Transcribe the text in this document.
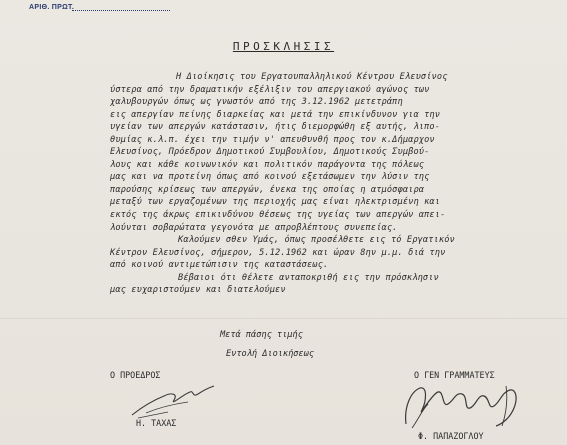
ΑΡΙΘ. ΠΡΩΤ.
ΠΡΟΣΚΛΗΣΙΣ
Η Διοίκησις του Εργατουπαλληλικού Κέντρου Ελευσίνος
ύστερα από την δραματικήν εξέλιξιν του απεργιακού αγώνος των
χαλυβουργών όπως ως γνωστόν από της 3.12.1962 μετετράπη
εις απεργίαν πείνης διαρκείας και μετά την επικίνδυνον για την
υγείαν των απεργών κατάστασιν, ήτις διεμορφώθη εξ αυτής, λιπο-
θυμίας κ.λ.π. έχει την τιμήν ν' απευθυνθή προς τον κ.Δήμαρχον
Ελευσίνος, Πρόεδρον Δημοτικού Συμβουλίου, Δημοτικούς Συμβού-
λους και κάθε κοινωνικόν και πολιτικόν παράγοντα της πόλεως
μας και να προτείνη όπως από κοινού εξετάσωμεν την λύσιν της
παρούσης κρίσεως των απεργών, ένεκα της οποίας η ατμόσφαιρα
μεταξύ των εργαζομένων της περιοχής μας είναι ηλεκτρισμένη και
εκτός της άκρως επικινδύνου θέσεως της υγείας των απεργών απει-
λούνται σοβαρώτατα γεγονότα με απροβλέπτους συνεπείας.
Καλούμεν σθεν Υμάς, όπως προσέλθετε εις τό Εργατικόν
Κέντρον Ελευσίνος, σήμερον, 5.12.1962 και ώραν 8ην μ.μ. διά την
από κοινού αντιμετώπισιν της καταστάσεως.
Βέβαιοι ότι θέλετε ανταποκριθή εις την πρόσκλησιν
μας ευχαριστούμεν και διατελούμεν
Μετά πάσης τιμής
Εντολή Διοικήσεως
Ο ΠΡΟΕΔΡΟΣ
Η. ΤΑΧΑΣ
Ο ΓΕΝ ΓΡΑΜΜΑΤΕΥΣ
Φ. ΠΑΠΑΖΟΓΛΟΥ
